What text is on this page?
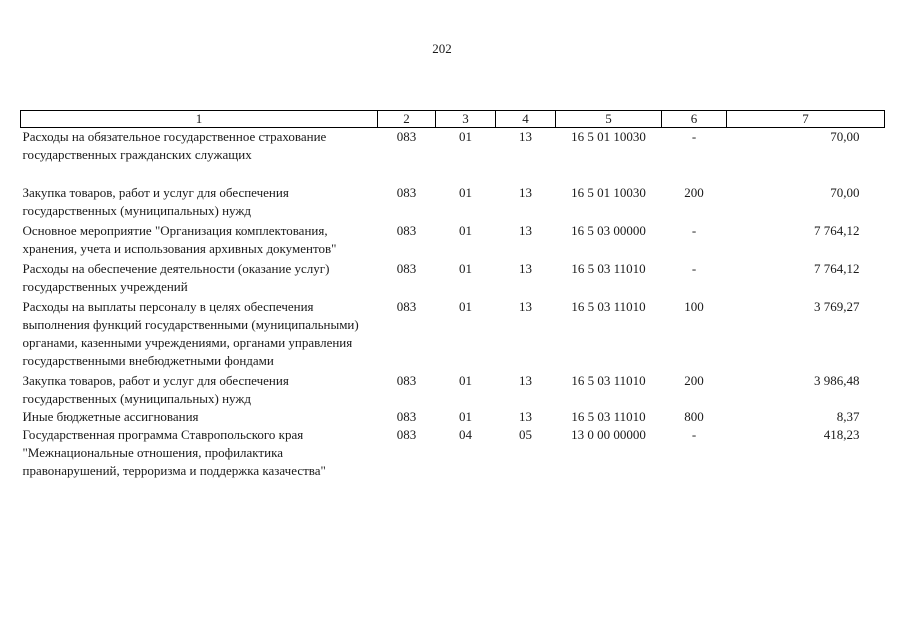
202
1	2	3	4	5	6	7
Расходы на обязательное государственное страхование государственных гражданских служащих	083	01	13	16 5 01 10030	-	70,00
Закупка товаров, работ и услуг для обеспечения государственных (муниципальных) нужд	083	01	13	16 5 01 10030	200	70,00
Основное мероприятие "Организация комплектования, хранения, учета и использования архивных документов"	083	01	13	16 5 03 00000	-	7 764,12
Расходы на обеспечение деятельности (оказание услуг) государственных учреждений	083	01	13	16 5 03 11010	-	7 764,12
Расходы на выплаты персоналу в целях обеспечения выполнения функций государственными (муниципальными) органами, казенными учреждениями, органами управления государственными внебюджетными фондами	083	01	13	16 5 03 11010	100	3 769,27
Закупка товаров, работ и услуг для обеспечения государственных (муниципальных) нужд	083	01	13	16 5 03 11010	200	3 986,48
Иные бюджетные ассигнования	083	01	13	16 5 03 11010	800	8,37
Государственная программа Ставропольского края "Межнациональные отношения, профилактика правонарушений, терроризма и поддержка казачества"	083	04	05	13 0 00 00000	-	418,23
